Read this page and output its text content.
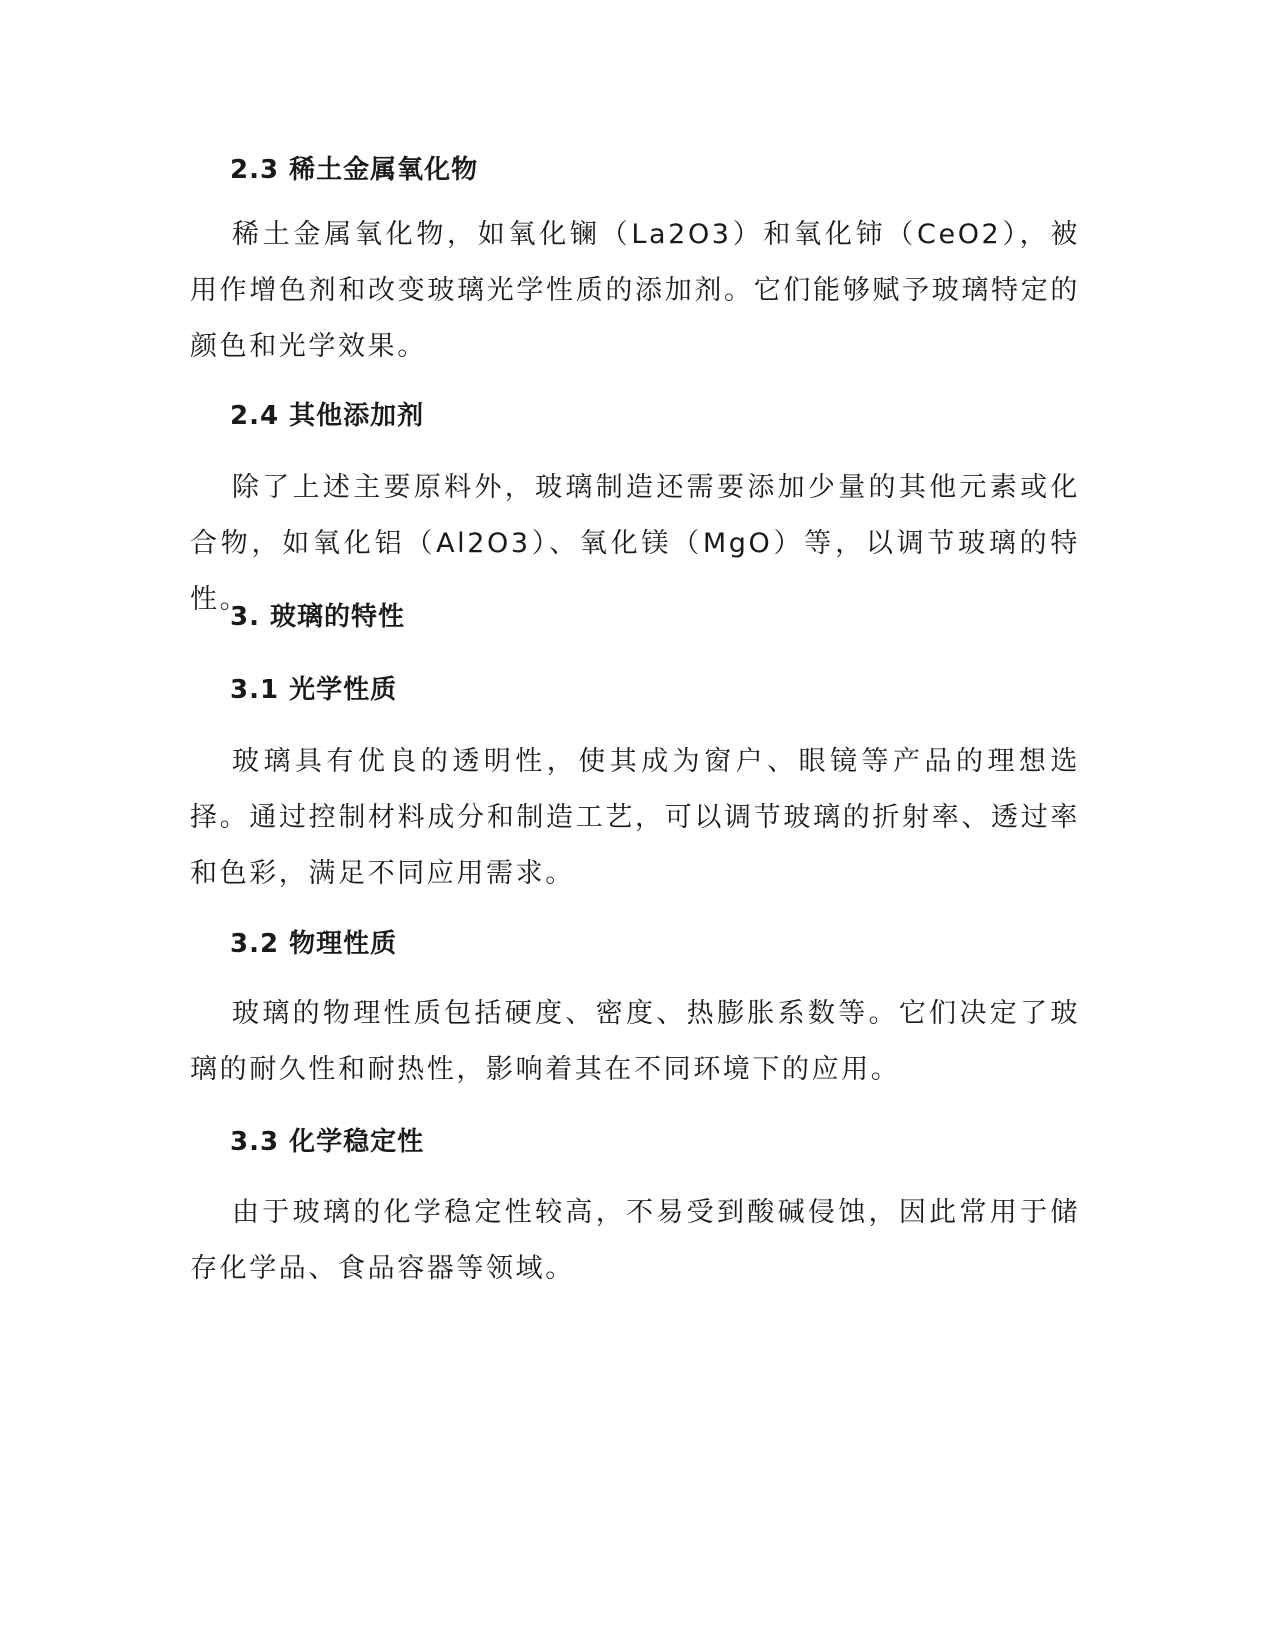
2.3 稀土金属氧化物

稀土金属氧化物，如氧化镧（La2O3）和氧化铈（CeO2），被用作增色剂和改变玻璃光学性质的添加剂。它们能够赋予玻璃特定的颜色和光学效果。

2.4 其他添加剂

除了上述主要原料外，玻璃制造还需要添加少量的其他元素或化合物，如氧化铝（Al2O3）、氧化镁（MgO）等，以调节玻璃的特性。

3. 玻璃的特性
3.1 光学性质

玻璃具有优良的透明性，使其成为窗户、眼镜等产品的理想选择。通过控制材料成分和制造工艺，可以调节玻璃的折射率、透过率和色彩，满足不同应用需求。

3.2 物理性质

玻璃的物理性质包括硬度、密度、热膨胀系数等。它们决定了玻璃的耐久性和耐热性，影响着其在不同环境下的应用。

3.3 化学稳定性

由于玻璃的化学稳定性较高，不易受到酸碱侵蚀，因此常用于储存化学品、食品容器等领域。
